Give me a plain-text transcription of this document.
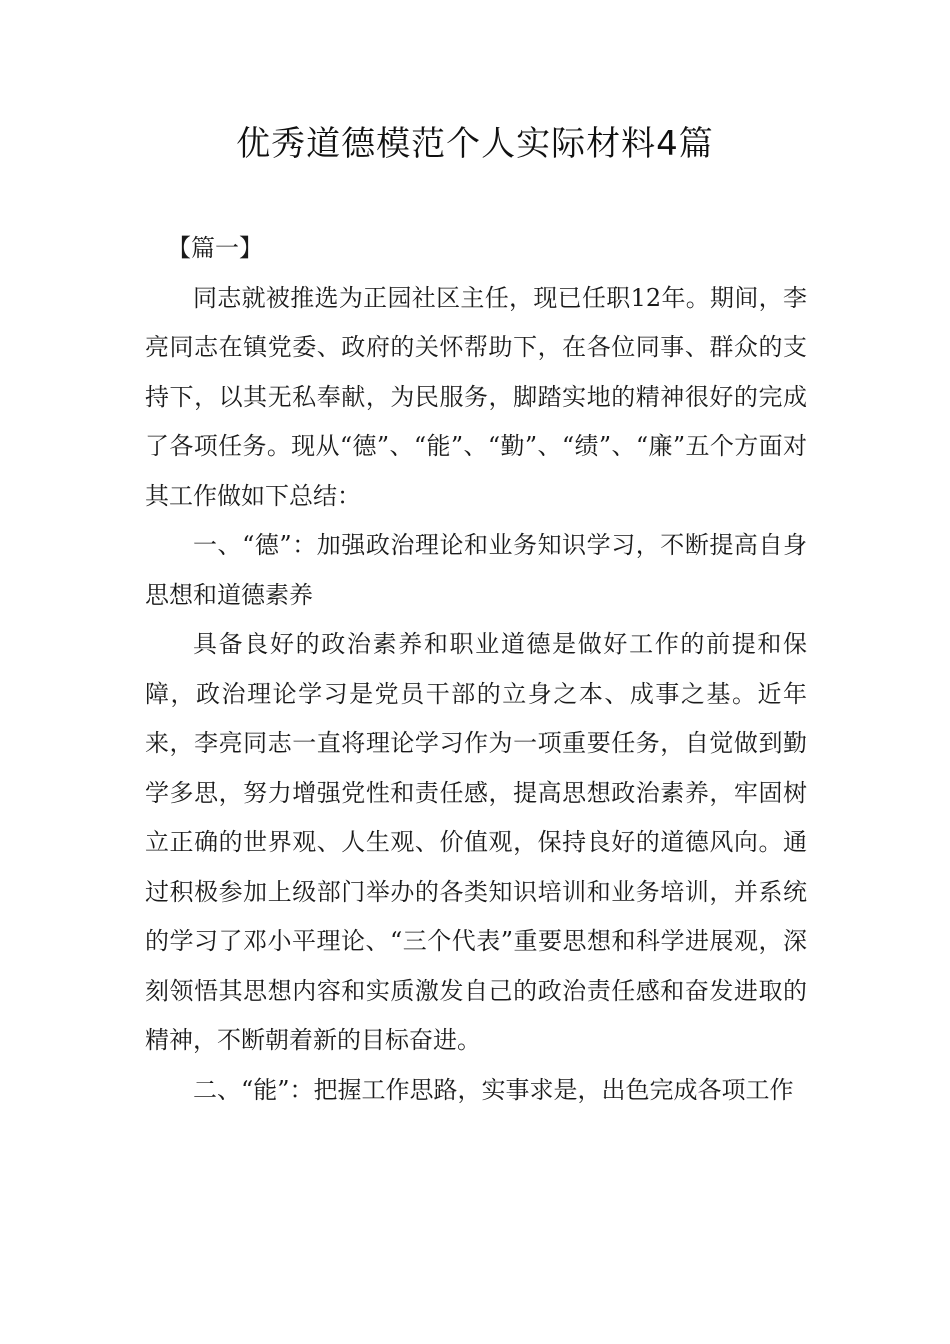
优秀道德模范个人实际材料4篇

【篇一】

同志就被推选为正园社区主任，现已任职12年。期间，李亮同志在镇党委、政府的关怀帮助下，在各位同事、群众的支持下，以其无私奉献，为民服务，脚踏实地的精神很好的完成了各项任务。现从“德”、“能”、“勤”、“绩”、“廉”五个方面对其工作做如下总结：

一、“德”：加强政治理论和业务知识学习，不断提高自身思想和道德素养

具备良好的政治素养和职业道德是做好工作的前提和保障，政治理论学习是党员干部的立身之本、成事之基。近年来，李亮同志一直将理论学习作为一项重要任务，自觉做到勤学多思，努力增强党性和责任感，提高思想政治素养，牢固树立正确的世界观、人生观、价值观，保持良好的道德风向。通过积极参加上级部门举办的各类知识培训和业务培训，并系统的学习了邓小平理论、“三个代表”重要思想和科学进展观，深刻领悟其思想内容和实质激发自己的政治责任感和奋发进取的精神，不断朝着新的目标奋进。

二、“能”：把握工作思路，实事求是，出色完成各项工作
